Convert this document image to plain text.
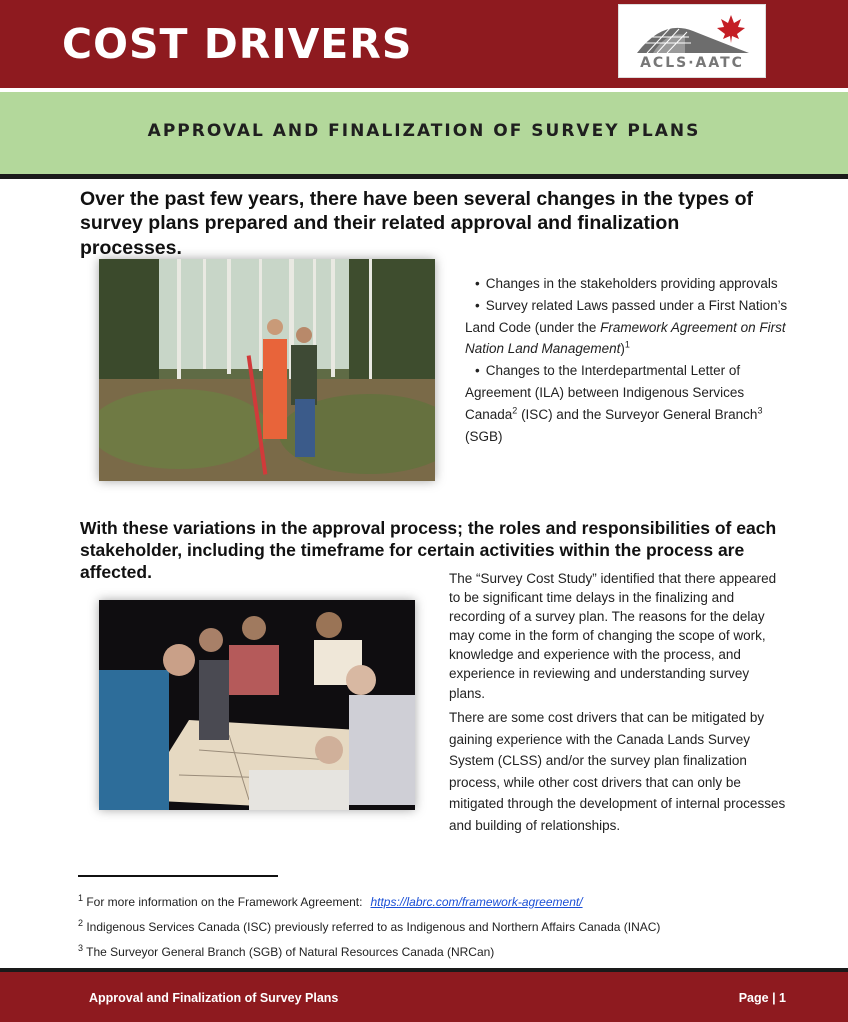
COST DRIVERS	ACLS·AATC
APPROVAL AND FINALIZATION OF SURVEY PLANS
Over the past few years, there have been several changes in the types of survey plans prepared and their related approval and finalization processes.
• Changes in the stakeholders providing approvals
• Survey related Laws passed under a First Nation’s Land Code (under the Framework Agreement on First Nation Land Management)$^1$
• Changes to the Interdepartmental Letter of Agreement (ILA) between Indigenous Services Canada$^2$ (ISC) and the Surveyor General Branch$^3$ (SGB)
With these variations in the approval process; the roles and responsibilities of each stakeholder, including the timeframe for certain activities within the process are affected.	The “Survey Cost Study” identified that there appeared to be significant time delays in the finalizing and recording of a survey plan. The reasons for the delay may come in the form of changing the scope of work, knowledge and experience with the process, and experience in reviewing and understanding survey plans.

There are some cost drivers that can be mitigated by gaining experience with the Canada Lands Survey System (CLSS) and/or the survey plan finalization process, while other cost drivers that can only be mitigated through the development of internal processes and building of relationships.

$^1$ For more information on the Framework Agreement: https://labrc.com/framework-agreement/

$^2$ Indigenous Services Canada (ISC) previously referred to as Indigenous and Northern Affairs Canada (INAC)

$^3$ The Surveyor General Branch (SGB) of Natural Resources Canada (NRCan)

Approval and Finalization of Survey Plans	Page | 1
